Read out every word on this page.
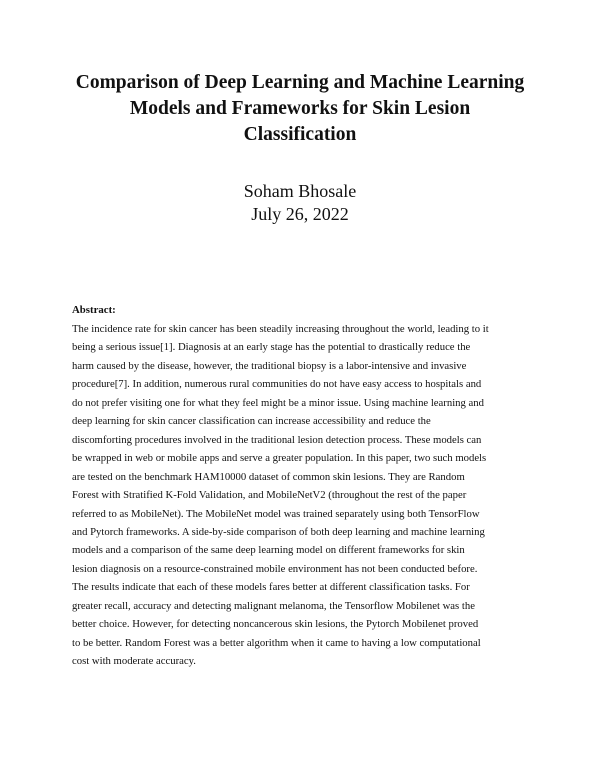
Comparison of Deep Learning and Machine Learning
Models and Frameworks for Skin Lesion
Classification

Soham Bhosale

July 26, 2022

Abstract:

The incidence rate for skin cancer has been steadily increasing throughout the world, leading to it
being a serious issue[1]. Diagnosis at an early stage has the potential to drastically reduce the
harm caused by the disease, however, the traditional biopsy is a labor-intensive and invasive
procedure[7]. In addition, numerous rural communities do not have easy access to hospitals and
do not prefer visiting one for what they feel might be a minor issue. Using machine learning and
deep learning for skin cancer classification can increase accessibility and reduce the
discomforting procedures involved in the traditional lesion detection process. These models can
be wrapped in web or mobile apps and serve a greater population. In this paper, two such models
are tested on the benchmark HAM10000 dataset of common skin lesions. They are Random
Forest with Stratified K-Fold Validation, and MobileNetV2 (throughout the rest of the paper
referred to as MobileNet). The MobileNet model was trained separately using both TensorFlow
and Pytorch frameworks. A side-by-side comparison of both deep learning and machine learning
models and a comparison of the same deep learning model on different frameworks for skin
lesion diagnosis on a resource-constrained mobile environment has not been conducted before.
The results indicate that each of these models fares better at different classification tasks. For
greater recall, accuracy and detecting malignant melanoma, the Tensorflow Mobilenet was the
better choice. However, for detecting noncancerous skin lesions, the Pytorch Mobilenet proved
to be better. Random Forest was a better algorithm when it came to having a low computational
cost with moderate accuracy.
